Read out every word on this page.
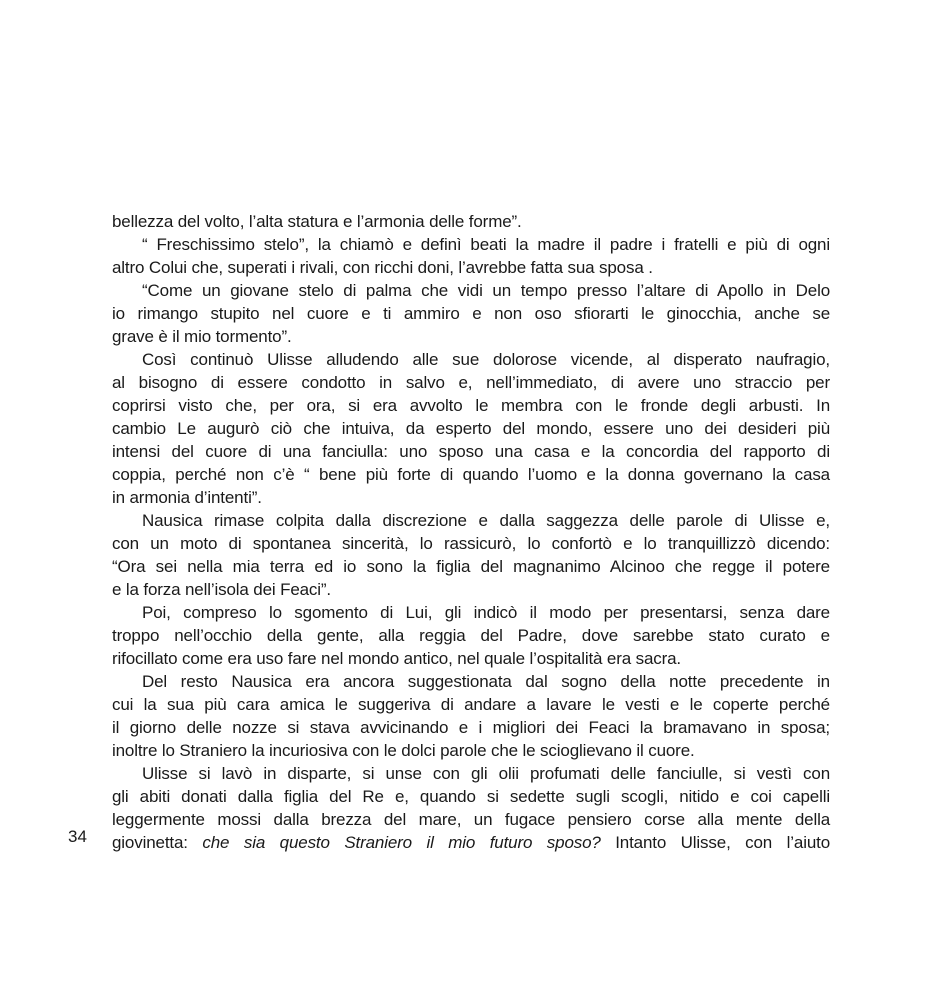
bellezza del volto, l’alta statura e l’armonia delle forme”.
“ Freschissimo stelo”, la chiamò e definì beati la madre il padre i fratelli e più di ogni
altro Colui che, superati i rivali, con ricchi doni, l’avrebbe fatta sua sposa .
“Come un giovane stelo di palma che vidi un tempo presso l’altare di Apollo in Delo
io rimango stupito nel cuore e ti ammiro e non oso sfiorarti le ginocchia, anche se
grave è il mio tormento”.
Così continuò Ulisse alludendo alle sue dolorose vicende, al disperato naufragio,
al bisogno di essere condotto in salvo e, nell’immediato, di avere uno straccio per
coprirsi visto che, per ora, si era avvolto le membra con le fronde degli arbusti. In
cambio Le augurò ciò che intuiva, da esperto del mondo, essere uno dei desideri più
intensi del cuore di una fanciulla: uno sposo una casa e la concordia del rapporto di
coppia, perché non c’è “ bene più forte di quando l’uomo e la donna governano la casa
in armonia d’intenti”.
Nausica rimase colpita dalla discrezione e dalla saggezza delle parole di Ulisse e,
con un moto di spontanea sincerità, lo rassicurò, lo confortò e lo tranquillizzò dicendo:
“Ora sei nella mia terra ed io sono la figlia del magnanimo Alcinoo che regge il potere
e la forza nell’isola dei Feaci”.
Poi, compreso lo sgomento di Lui, gli indicò il modo per presentarsi, senza dare
troppo nell’occhio della gente, alla reggia del Padre, dove sarebbe stato curato e
rifocillato come era uso fare nel mondo antico, nel quale l’ospitalità era sacra.
Del resto Nausica era ancora suggestionata dal sogno della notte precedente in
cui la sua più cara amica le suggeriva di andare a lavare le vesti e le coperte perché
il giorno delle nozze si stava avvicinando e i migliori dei Feaci la bramavano in sposa;
inoltre lo Straniero la incuriosiva con le dolci parole che le scioglievano il cuore.
Ulisse si lavò in disparte, si unse con gli olii profumati delle fanciulle, si vestì con
gli abiti donati dalla figlia del Re e, quando si sedette sugli scogli, nitido e coi capelli
leggermente mossi dalla brezza del mare, un fugace pensiero corse alla mente della
giovinetta: che sia questo Straniero il mio futuro sposo? Intanto Ulisse, con l’aiuto
34
